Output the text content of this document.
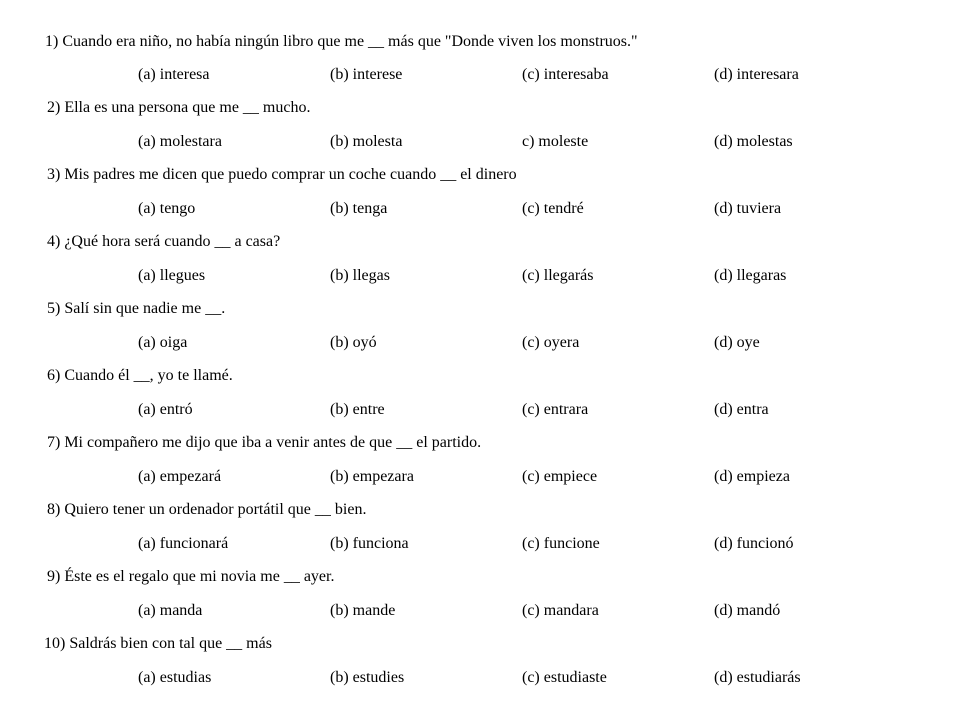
1) Cuando era niño, no había ningún libro que me __ más que "Donde viven los monstruos."
(a) interesa	(b) interese	(c) interesaba	(d) interesara
2) Ella es una persona que me __ mucho.
(a) molestara	(b) molesta	c) moleste	(d) molestas
3) Mis padres me dicen que puedo comprar un coche cuando __ el dinero
(a) tengo	(b) tenga	(c) tendré	(d) tuviera
4) ¿Qué hora será cuando __ a casa?
(a) llegues	(b) llegas	(c) llegarás	(d) llegaras
5) Salí sin que nadie me __.
(a) oiga	(b) oyó	(c) oyera	(d) oye
6) Cuando él __, yo te llamé.
(a) entró	(b) entre	(c) entrara	(d) entra
7) Mi compañero me dijo que iba a venir antes de que __ el partido.
(a) empezará	(b) empezara	(c) empiece	(d) empieza
8) Quiero tener un ordenador portátil que __ bien.
(a) funcionará	(b) funciona	(c) funcione	(d) funcionó
9) Éste es el regalo que mi novia me __ ayer.
(a) manda	(b) mande	(c) mandara	(d) mandó
10) Saldrás bien con tal que __ más
(a) estudias	(b) estudies	(c) estudiaste	(d) estudiarás
